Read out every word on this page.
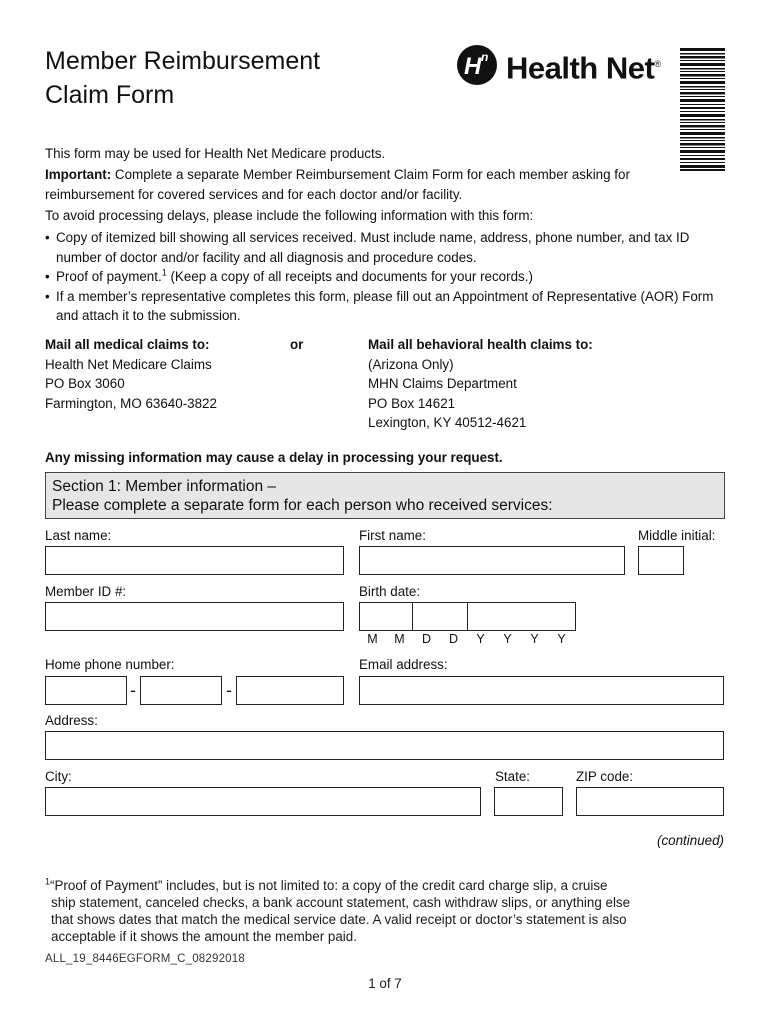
Member Reimbursement
Claim Form
H n Health Net®
This form may be used for Health Net Medicare products.
Important: Complete a separate Member Reimbursement Claim Form for each member asking for reimbursement for covered services and for each doctor and/or facility.
To avoid processing delays, please include the following information with this form:
• Copy of itemized bill showing all services received. Must include name, address, phone number, and tax ID number of doctor and/or facility and all diagnosis and procedure codes.
• Proof of payment.$^1$ (Keep a copy of all receipts and documents for your records.)
• If a member’s representative completes this form, please fill out an Appointment of Representative (AOR) Form and attach it to the submission.
Mail all medical claims to:
Health Net Medicare Claims
PO Box 3060
Farmington, MO 63640-3822
or	Mail all behavioral health claims to:
(Arizona Only)
MHN Claims Department
PO Box 14621
Lexington, KY 40512-4621
Any missing information may cause a delay in processing your request.
Section 1: Member information –
Please complete a separate form for each person who received services:
Last name:	First name:	Middle initial:
Member ID #:	Birth date:
M M D D Y Y Y Y
Home phone number:	Email address:
-	-
Address:
City:	State:	ZIP code:
(continued)
$^1$“Proof of Payment” includes, but is not limited to: a copy of the credit card charge slip, a cruise
ship statement, canceled checks, a bank account statement, cash withdraw slips, or anything else
that shows dates that match the medical service date. A valid receipt or doctor’s statement is also
acceptable if it shows the amount the member paid.
ALL_19_8446EGFORM_C_08292018
1 of 7
